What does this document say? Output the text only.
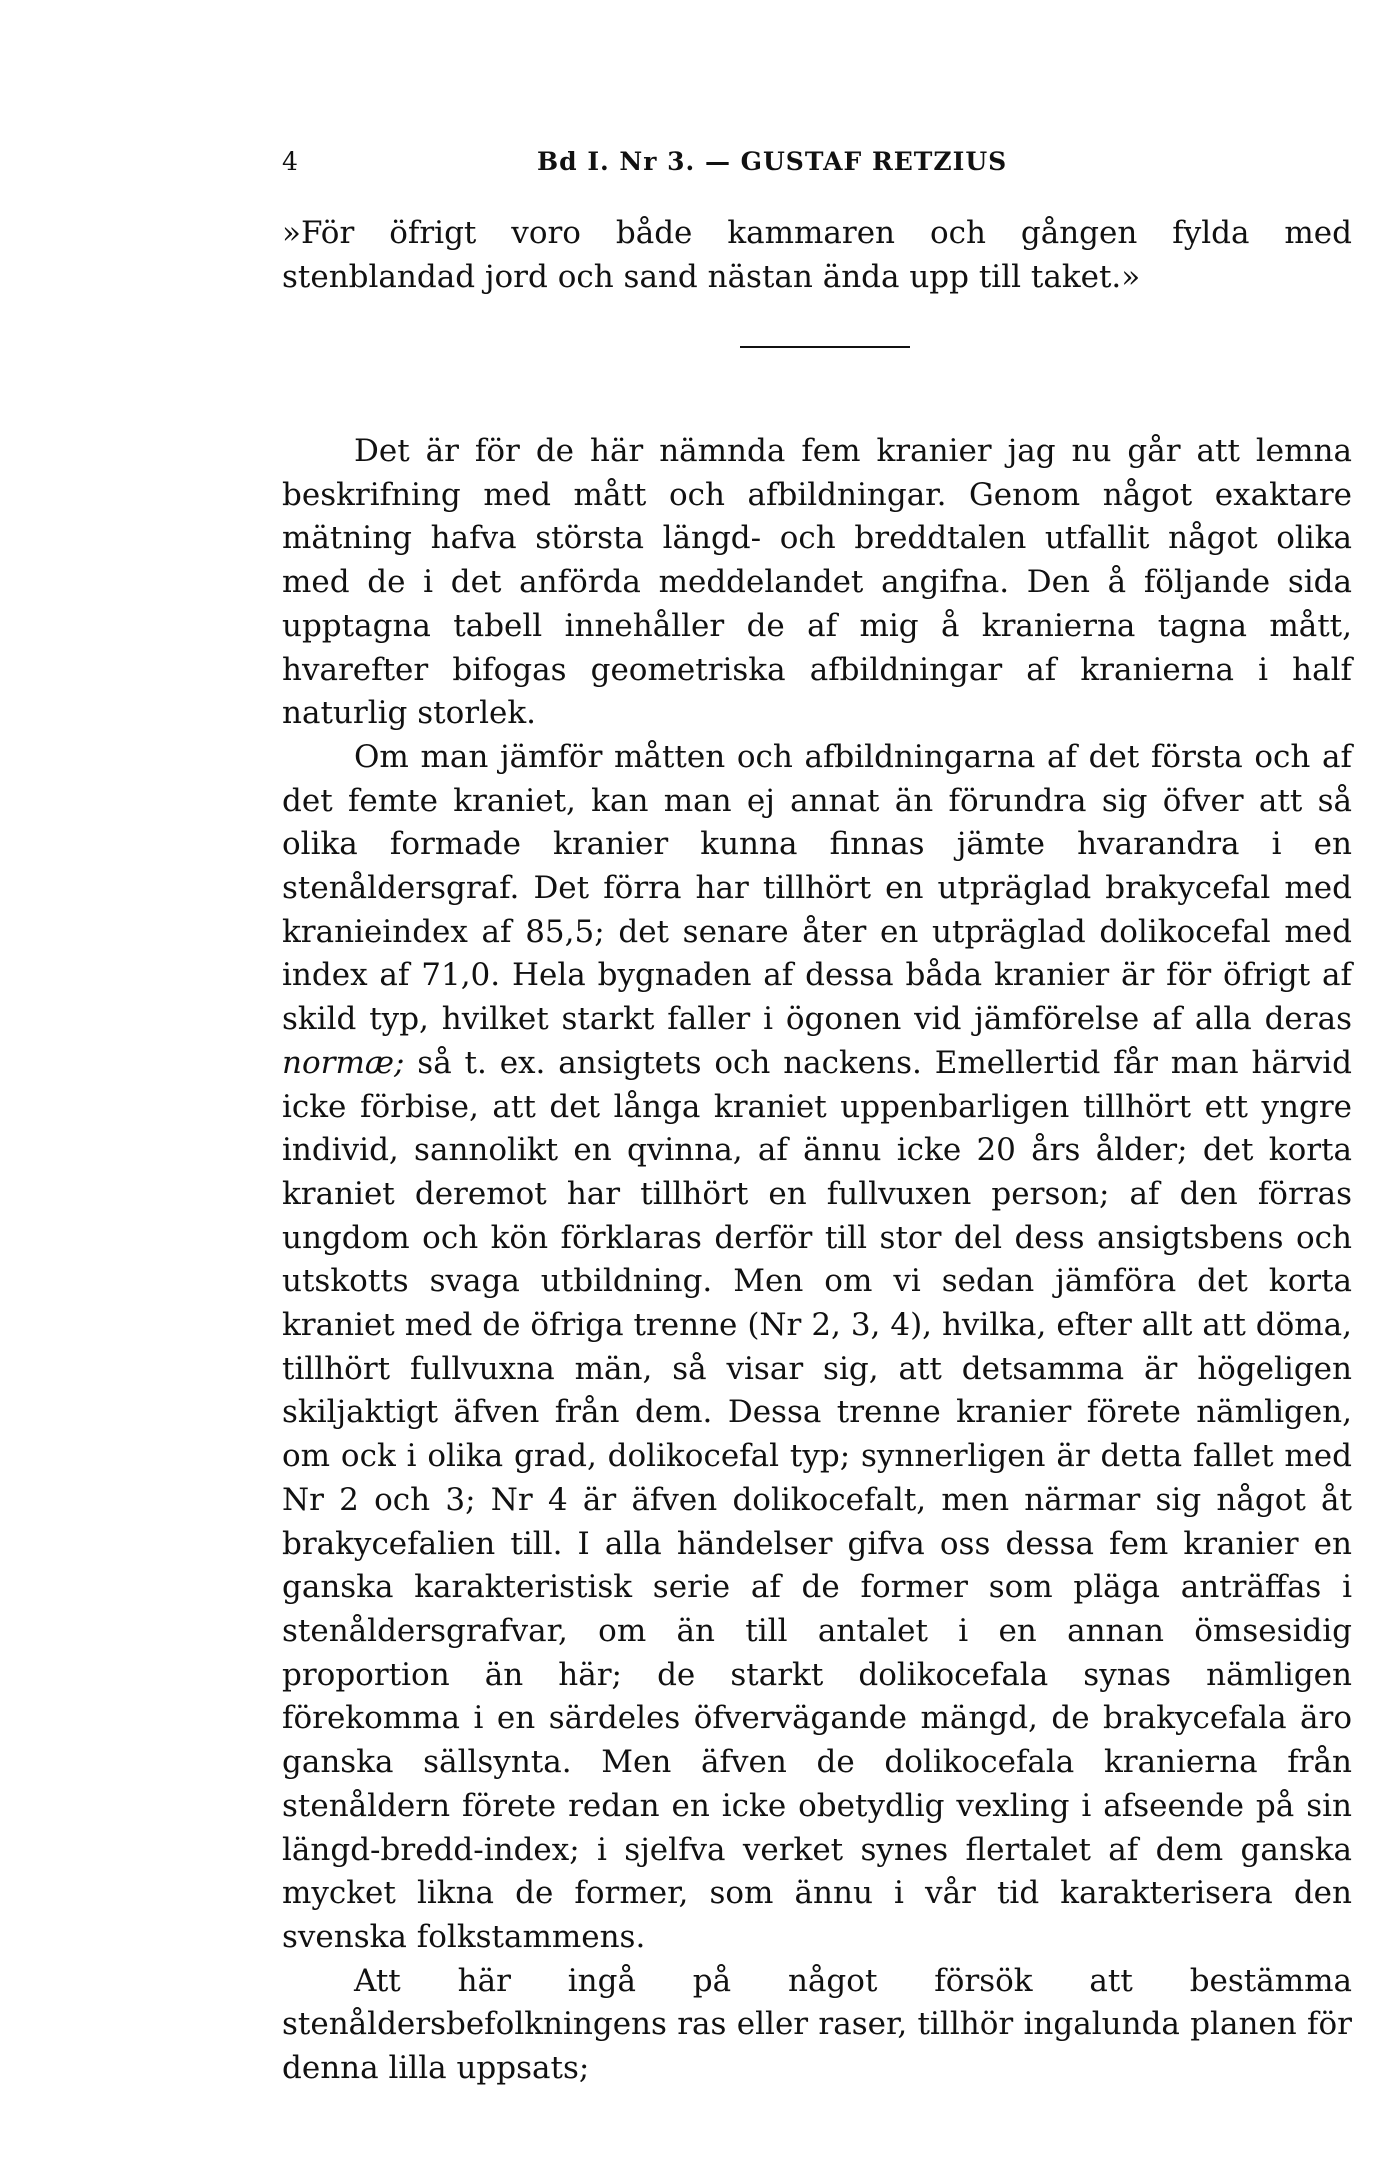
4	Bd I. Nr 3. — GUSTAF RETZIUS

»För öfrigt voro både kammaren och gången fylda med stenblandad jord och sand nästan ända upp till taket.»

Det är för de här nämnda fem kranier jag nu går att lemna beskrifning med mått och afbildningar. Genom något exaktare mätning hafva största längd- och breddtalen utfallit något olika med de i det anförda meddelandet angifna. Den å följande sida upptagna tabell innehåller de af mig å kranierna tagna mått, hvarefter bifogas geometriska afbildningar af kranierna i half naturlig storlek.

Om man jämför måtten och afbildningarna af det första och af det femte kraniet, kan man ej annat än förundra sig öfver att så olika formade kranier kunna finnas jämte hvarandra i en stenåldersgraf. Det förra har tillhört en utpräglad brakycefal med kranieindex af 85,5; det senare åter en utpräglad dolikocefal med index af 71,0. Hela bygnaden af dessa båda kranier är för öfrigt af skild typ, hvilket starkt faller i ögonen vid jämförelse af alla deras normæ; så t. ex. ansigtets och nackens. Emellertid får man härvid icke förbise, att det långa kraniet uppenbarligen tillhört ett yngre individ, sannolikt en qvinna, af ännu icke 20 års ålder; det korta kraniet deremot har tillhört en fullvuxen person; af den förras ungdom och kön förklaras derför till stor del dess ansigtsbens och utskotts svaga utbildning. Men om vi sedan jämföra det korta kraniet med de öfriga trenne (Nr 2, 3, 4), hvilka, efter allt att döma, tillhört fullvuxna män, så visar sig, att detsamma är högeligen skiljaktigt äfven från dem. Dessa trenne kranier förete nämligen, om ock i olika grad, dolikocefal typ; synnerligen är detta fallet med Nr 2 och 3; Nr 4 är äfven dolikocefalt, men närmar sig något åt brakycefalien till. I alla händelser gifva oss dessa fem kranier en ganska karakteristisk serie af de former som pläga anträffas i stenåldersgrafvar, om än till antalet i en annan ömsesidig proportion än här; de starkt dolikocefala synas nämligen förekomma i en särdeles öfvervägande mängd, de brakycefala äro ganska sällsynta. Men äfven de dolikocefala kranierna från stenåldern förete redan en icke obetydlig vexling i afseende på sin längd-bredd-index; i sjelfva verket synes flertalet af dem ganska mycket likna de former, som ännu i vår tid karakterisera den svenska folkstammens.

Att här ingå på något försök att bestämma stenåldersbefolkningens ras eller raser, tillhör ingalunda planen för denna lilla uppsats;
